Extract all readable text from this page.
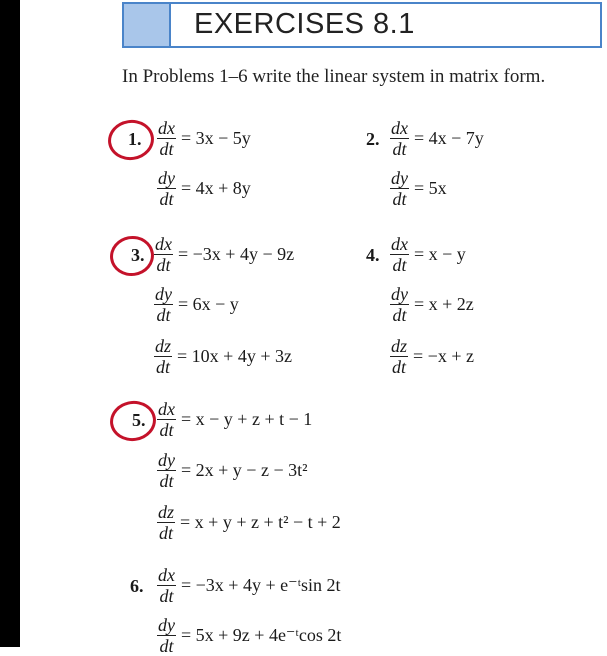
EXERCISES 8.1
In Problems 1–6 write the linear system in matrix form.
1. $\frac{dx}{dt} = 3x - 5y$
$\frac{dy}{dt} = 4x + 8y$
2. $\frac{dx}{dt} = 4x - 7y$
$\frac{dy}{dt} = 5x$
3. $\frac{dx}{dt} = -3x + 4y - 9z$
$\frac{dy}{dt} = 6x - y$
$\frac{dz}{dt} = 10x + 4y + 3z$
4. $\frac{dx}{dt} = x - y$
$\frac{dy}{dt} = x + 2z$
$\frac{dz}{dt} = -x + z$
5. $\frac{dx}{dt} = x - y + z + t - 1$
$\frac{dy}{dt} = 2x + y - z - 3t^2$
$\frac{dz}{dt} = x + y + z + t^2 - t + 2$
6. $\frac{dx}{dt} = -3x + 4y$ + e⁻ᵗsin 2t
$\frac{dy}{dt} = 5x + 9z$ + 4e⁻ᵗcos 2t
